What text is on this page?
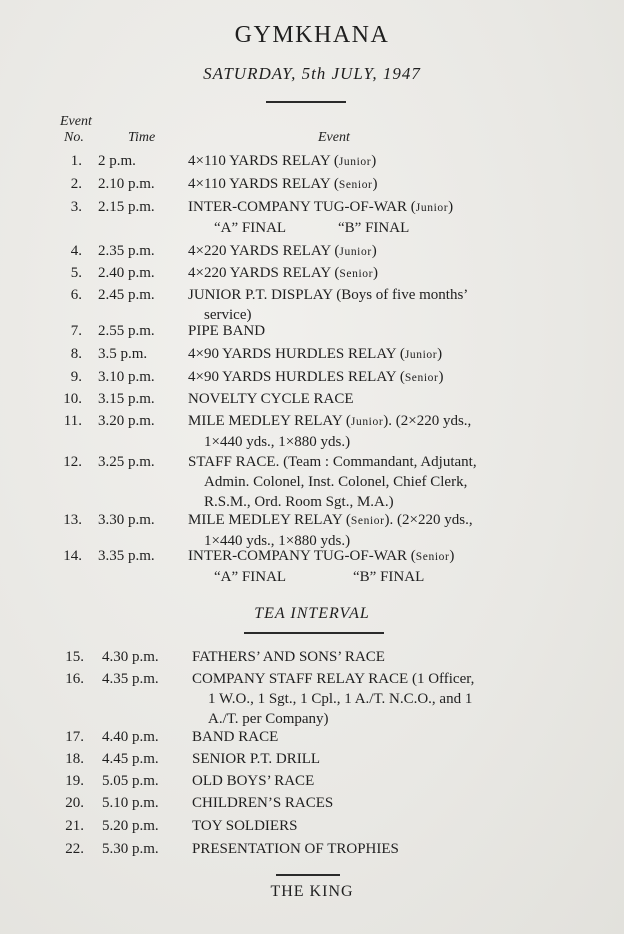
GYMKHANA
SATURDAY, 5th JULY, 1947
Event
No.	Time	Event
1. 2 p.m.	4×110 YARDS RELAY (Junior)
2. 2.10 p.m. 4×110 YARDS RELAY (Senior)
3. 2.15 p.m. INTER-COMPANY TUG-OF-WAR (Junior)
“A” FINAL              “B” FINAL
4. 2.35 p.m. 4×220 YARDS RELAY (Junior)
5. 2.40 p.m. 4×220 YARDS RELAY (Senior)
6. 2.45 p.m. JUNIOR P.T. DISPLAY (Boys of five months’
service)
7. 2.55 p.m. PIPE BAND
8. 3.5 p.m.	4×90 YARDS HURDLES RELAY (Junior)
9. 3.10 p.m. 4×90 YARDS HURDLES RELAY (Senior)
10. 3.15 p.m. NOVELTY CYCLE RACE
11. 3.20 p.m. MILE MEDLEY RELAY (Junior). (2×220 yds.,
1×440 yds., 1×880 yds.)
12. 3.25 p.m. STAFF RACE. (Team : Commandant, Adjutant,
Admin. Colonel, Inst. Colonel, Chief Clerk,
R.S.M., Ord. Room Sgt., M.A.)
13. 3.30 p.m. MILE MEDLEY RELAY (Senior). (2×220 yds.,
1×440 yds., 1×880 yds.)
14. 3.35 p.m. INTER-COMPANY TUG-OF-WAR (Senior)
“A” FINAL                  “B” FINAL
TEA INTERVAL
15. 4.30 p.m. FATHERS’ AND SONS’ RACE
16. 4.35 p.m. COMPANY STAFF RELAY RACE (1 Officer,
1 W.O., 1 Sgt., 1 Cpl., 1 A./T. N.C.O., and 1
A./T. per Company)
17. 4.40 p.m. BAND RACE
18. 4.45 p.m. SENIOR P.T. DRILL
19. 5.05 p.m. OLD BOYS’ RACE
20. 5.10 p.m. CHILDREN’S RACES
21. 5.20 p.m. TOY SOLDIERS
22. 5.30 p.m. PRESENTATION OF TROPHIES
THE KING
